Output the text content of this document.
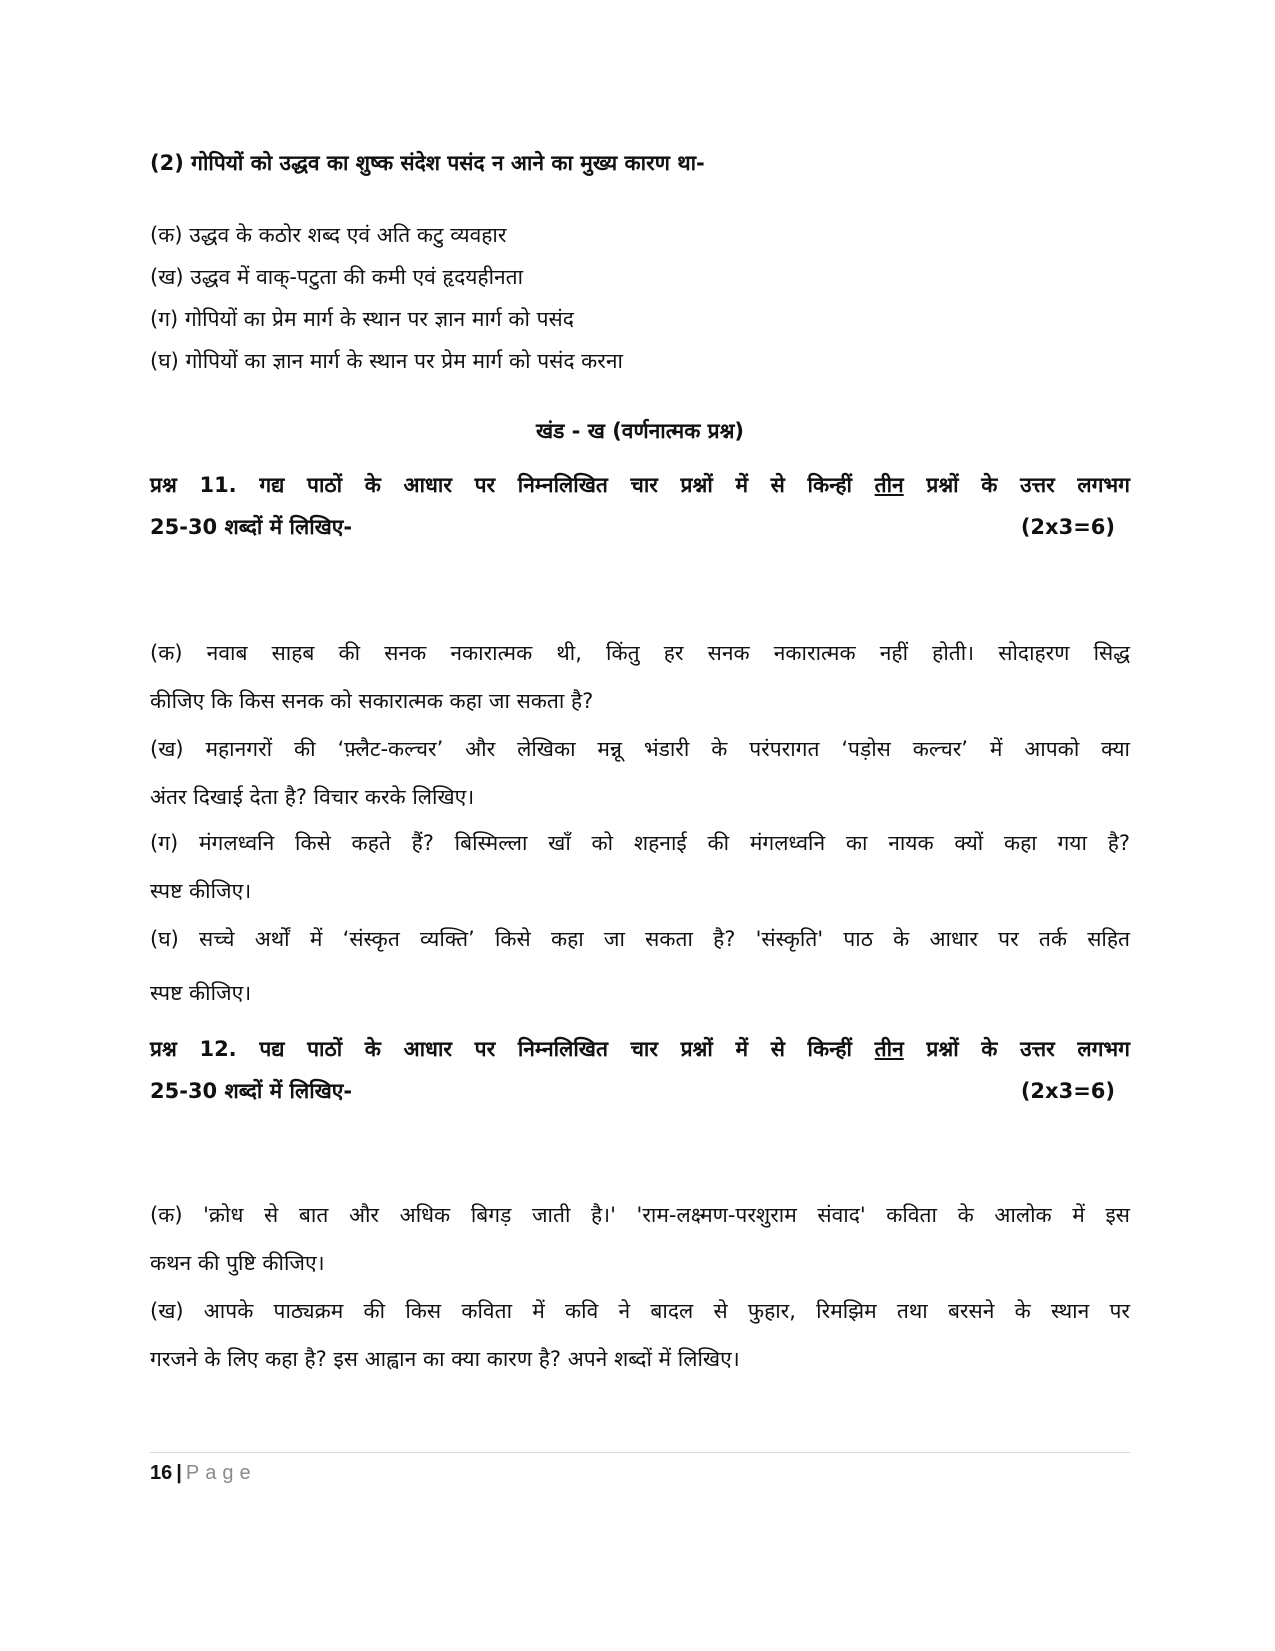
(2) गोपियों को उद्धव का शुष्क संदेश पसंद न आने का मुख्य कारण था-
(क) उद्धव के कठोर शब्द एवं अति कटु व्यवहार
(ख) उद्धव में वाक्-पटुता की कमी एवं हृदयहीनता
(ग) गोपियों का प्रेम मार्ग के स्थान पर ज्ञान मार्ग को पसंद
(घ) गोपियों का ज्ञान मार्ग के स्थान पर प्रेम मार्ग को पसंद करना
खंड - ख (वर्णनात्मक प्रश्न)
प्रश्न 11. गद्य पाठों के आधार पर निम्नलिखित चार प्रश्नों में से किन्हीं तीन प्रश्नों के उत्तर लगभग
25-30 शब्दों में लिखिए-	(2x3=6)
(क) नवाब साहब की सनक नकारात्मक थी, किंतु हर सनक नकारात्मक नहीं होती। सोदाहरण सिद्ध
कीजिए कि किस सनक को सकारात्मक कहा जा सकता है?
(ख) महानगरों की ‘फ़्लैट-कल्चर’ और लेखिका मन्नू भंडारी के परंपरागत ‘पड़ोस कल्चर’ में आपको क्या
अंतर दिखाई देता है? विचार करके लिखिए।
(ग) मंगलध्वनि किसे कहते हैं? बिस्मिल्ला खाँ को शहनाई की मंगलध्वनि का नायक क्यों कहा गया है?
स्पष्ट कीजिए।
(घ) सच्चे अर्थों में ‘संस्कृत व्यक्ति’ किसे कहा जा सकता है? 'संस्कृति' पाठ के आधार पर तर्क सहित
स्पष्ट कीजिए।
प्रश्न 12. पद्य पाठों के आधार पर निम्नलिखित चार प्रश्नों में से किन्हीं तीन प्रश्नों के उत्तर लगभग
25-30 शब्दों में लिखिए-	(2x3=6)
(क) 'क्रोध से बात और अधिक बिगड़ जाती है।' 'राम-लक्ष्मण-परशुराम संवाद' कविता के आलोक में इस
कथन की पुष्टि कीजिए।
(ख) आपके पाठ्यक्रम की किस कविता में कवि ने बादल से फुहार, रिमझिम तथा बरसने के स्थान पर
गरजने के लिए कहा है? इस आह्वान का क्या कारण है? अपने शब्दों में लिखिए।
16 | Page
